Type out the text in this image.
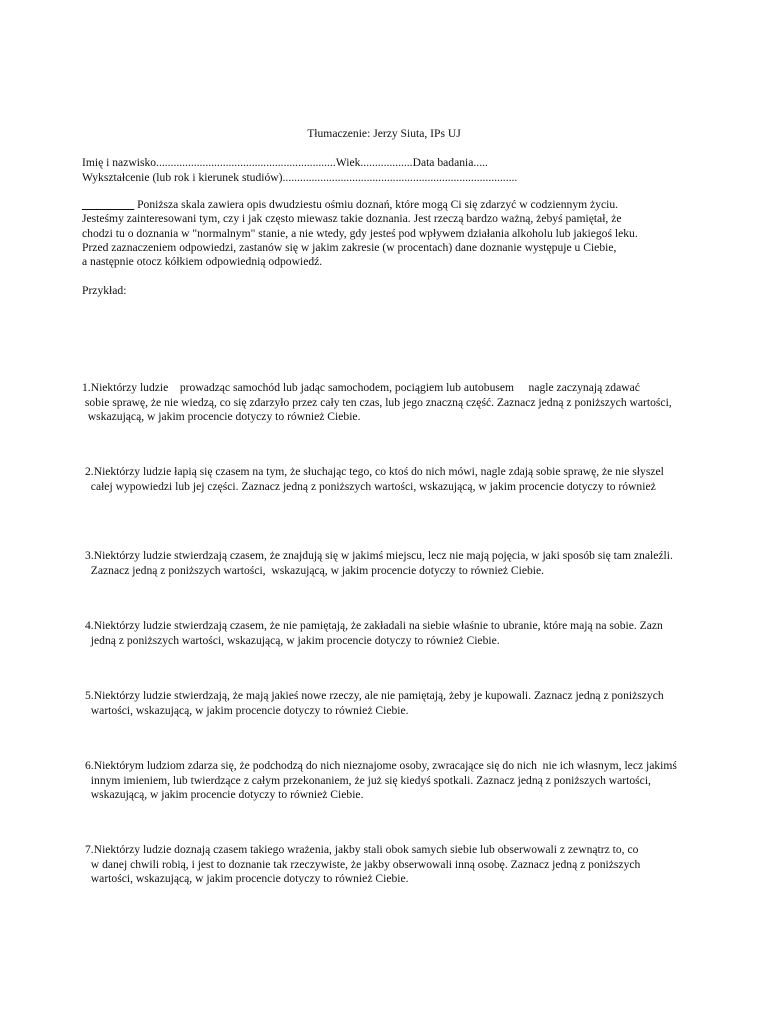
Tłumaczenie: Jerzy Siuta, IPs UJ
Imię i nazwisko..............................................................Wiek..................Data badania.....
Wykształcenie (lub rok i kierunek studiów).................................................................................
_________ Poniższa skala zawiera opis dwudziestu ośmiu doznań, które mogą Ci się zdarzyć w codziennym życiu.
Jesteśmy zainteresowani tym, czy i jak często miewasz takie doznania. Jest rzeczą bardzo ważną, żebyś pamiętał, że
chodzi tu o doznania w "normalnym" stanie, a nie wtedy, gdy jesteś pod wpływem działania alkoholu lub jakiegoś leku.
Przed zaznaczeniem odpowiedzi, zastanów się w jakim zakresie (w procentach) dane doznanie występuje u Ciebie,
a następnie otocz kółkiem odpowiednią odpowiedź.
Przykład:
1.Niektórzy ludzie    prowadząc samochód lub jadąc samochodem, pociągiem lub autobusem     nagle zaczynają zdawać
sobie sprawę, że nie wiedzą, co się zdarzyło przez cały ten czas, lub jego znaczną część. Zaznacz jedną z poniższych wartości,
wskazującą, w jakim procencie dotyczy to również Ciebie.
2.Niektórzy ludzie łapią się czasem na tym, że słuchając tego, co ktoś do nich mówi, nagle zdają sobie sprawę, że nie słyszel
całej wypowiedzi lub jej części. Zaznacz jedną z poniższych wartości, wskazującą, w jakim procencie dotyczy to również
3.Niektórzy ludzie stwierdzają czasem, że znajdują się w jakimś miejscu, lecz nie mają pojęcia, w jaki sposób się tam znaleźli.
Zaznacz jedną z poniższych wartości,  wskazującą, w jakim procencie dotyczy to również Ciebie.
4.Niektórzy ludzie stwierdzają czasem, że nie pamiętają, że zakładali na siebie właśnie to ubranie, które mają na sobie. Zazn
jedną z poniższych wartości, wskazującą, w jakim procencie dotyczy to również Ciebie.
5.Niektórzy ludzie stwierdzają, że mają jakieś nowe rzeczy, ale nie pamiętają, żeby je kupowali. Zaznacz jedną z poniższych
wartości, wskazującą, w jakim procencie dotyczy to również Ciebie.
6.Niektórym ludziom zdarza się, że podchodzą do nich nieznajome osoby, zwracające się do nich  nie ich własnym, lecz jakimś
innym imieniem, lub twierdzące z całym przekonaniem, że już się kiedyś spotkali. Zaznacz jedną z poniższych wartości,
wskazującą, w jakim procencie dotyczy to również Ciebie.
7.Niektórzy ludzie doznają czasem takiego wrażenia, jakby stali obok samych siebie lub obserwowali z zewnątrz to, co
w danej chwili robią, i jest to doznanie tak rzeczywiste, że jakby obserwowali inną osobę. Zaznacz jedną z poniższych
wartości, wskazującą, w jakim procencie dotyczy to również Ciebie.
